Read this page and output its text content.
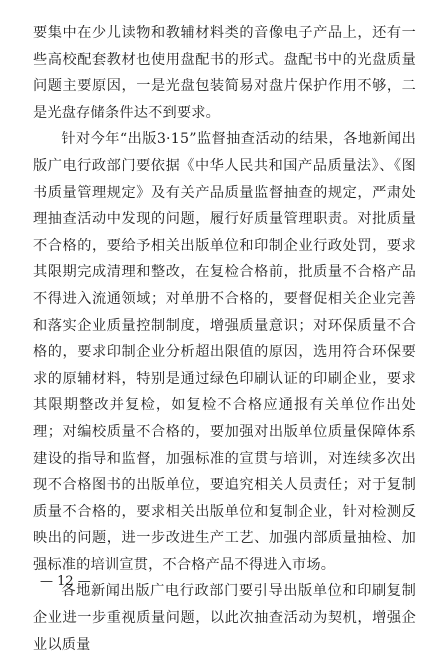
要集中在少儿读物和教辅材料类的音像电子产品上，还有一些高校配套教材也使用盘配书的形式。盘配书中的光盘质量问题主要原因，一是光盘包装简易对盘片保护作用不够，二是光盘存储条件达不到要求。

针对今年“出版3·15”监督抽查活动的结果，各地新闻出版广电行政部门要依据《中华人民共和国产品质量法》、《图书质量管理规定》及有关产品质量监督抽查的规定，严肃处理抽查活动中发现的问题，履行好质量管理职责。对批质量不合格的，要给予相关出版单位和印制企业行政处罚，要求其限期完成清理和整改，在复检合格前，批质量不合格产品不得进入流通领域；对单册不合格的，要督促相关企业完善和落实企业质量控制制度，增强质量意识；对环保质量不合格的，要求印制企业分析超出限值的原因，选用符合环保要求的原辅材料，特别是通过绿色印刷认证的印刷企业，要求其限期整改并复检，如复检不合格应通报有关单位作出处理；对编校质量不合格的，要加强对出版单位质量保障体系建设的指导和监督，加强标准的宣贯与培训，对连续多次出现不合格图书的出版单位，要追究相关人员责任；对于复制质量不合格的，要求相关出版单位和复制企业，针对检测反映出的问题，进一步改进生产工艺、加强内部质量抽检、加强标准的培训宣贯，不合格产品不得进入市场。

各地新闻出版广电行政部门要引导出版单位和印刷复制企业进一步重视质量问题，以此次抽查活动为契机，增强企业以质量

— 12 —
